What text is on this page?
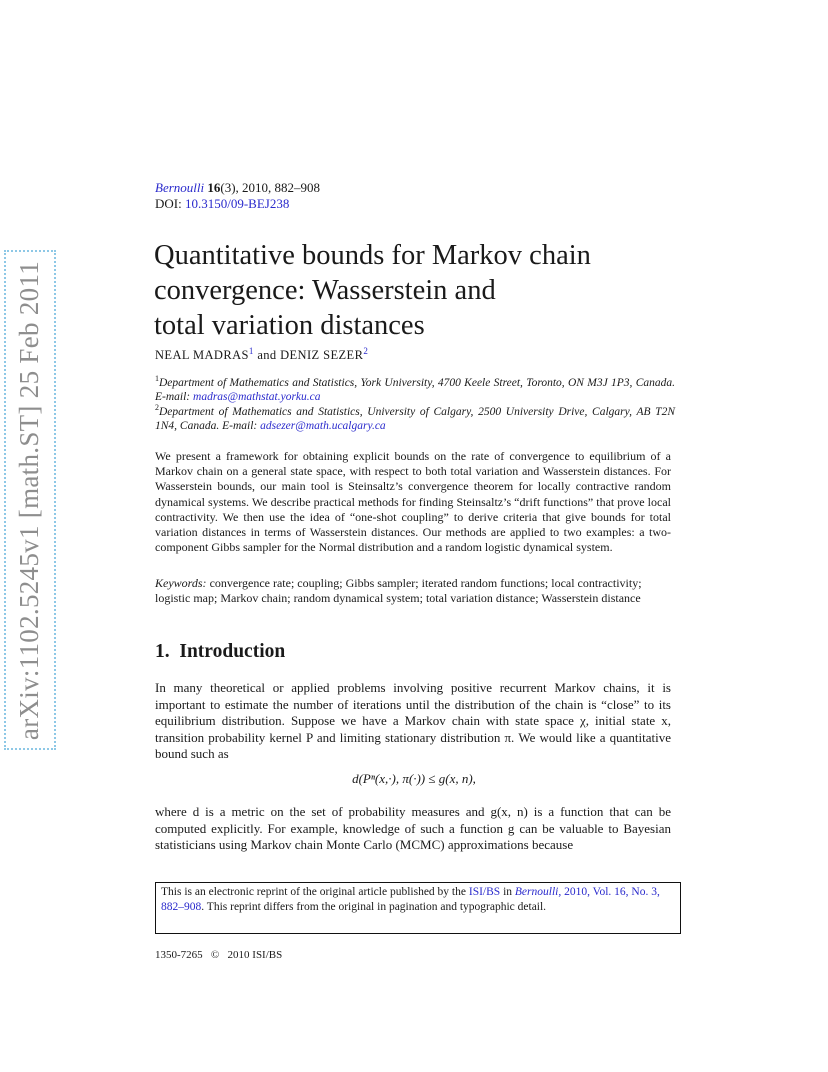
arXiv:1102.5245v1 [math.ST] 25 Feb 2011
Bernoulli 16(3), 2010, 882–908
DOI: 10.3150/09-BEJ238
Quantitative bounds for Markov chain
convergence: Wasserstein and
total variation distances
NEAL MADRAS$^1$ and DENIZ SEZER$^2$
$^1$Department of Mathematics and Statistics, York University, 4700 Keele Street, Toronto, ON M3J 1P3, Canada. E-mail: madras@mathstat.yorku.ca
$^2$Department of Mathematics and Statistics, University of Calgary, 2500 University Drive, Calgary, AB T2N 1N4, Canada. E-mail: adsezer@math.ucalgary.ca

We present a framework for obtaining explicit bounds on the rate of convergence to equilibrium of a Markov chain on a general state space, with respect to both total variation and Wasserstein distances. For Wasserstein bounds, our main tool is Steinsaltz’s convergence theorem for locally contractive random dynamical systems. We describe practical methods for finding Steinsaltz’s “drift functions” that prove local contractivity. We then use the idea of “one-shot coupling” to derive criteria that give bounds for total variation distances in terms of Wasserstein distances. Our methods are applied to two examples: a two-component Gibbs sampler for the Normal distribution and a random logistic dynamical system.

Keywords: convergence rate; coupling; Gibbs sampler; iterated random functions; local contractivity; logistic map; Markov chain; random dynamical system; total variation distance; Wasserstein distance

1. Introduction

In many theoretical or applied problems involving positive recurrent Markov chains, it is important to estimate the number of iterations until the distribution of the chain is “close” to its equilibrium distribution. Suppose we have a Markov chain with state space χ, initial state x, transition probability kernel P and limiting stationary distribution π. We would like a quantitative bound such as

d(Pⁿ(x,·), π(·)) ≤ g(x, n),

where d is a metric on the set of probability measures and g(x, n) is a function that can be computed explicitly. For example, knowledge of such a function g can be valuable to Bayesian statisticians using Markov chain Monte Carlo (MCMC) approximations because

This is an electronic reprint of the original article published by the ISI/BS in Bernoulli, 2010, Vol. 16, No. 3, 882–908. This reprint differs from the original in pagination and typographic detail.
1350-7265 © 2010 ISI/BS
